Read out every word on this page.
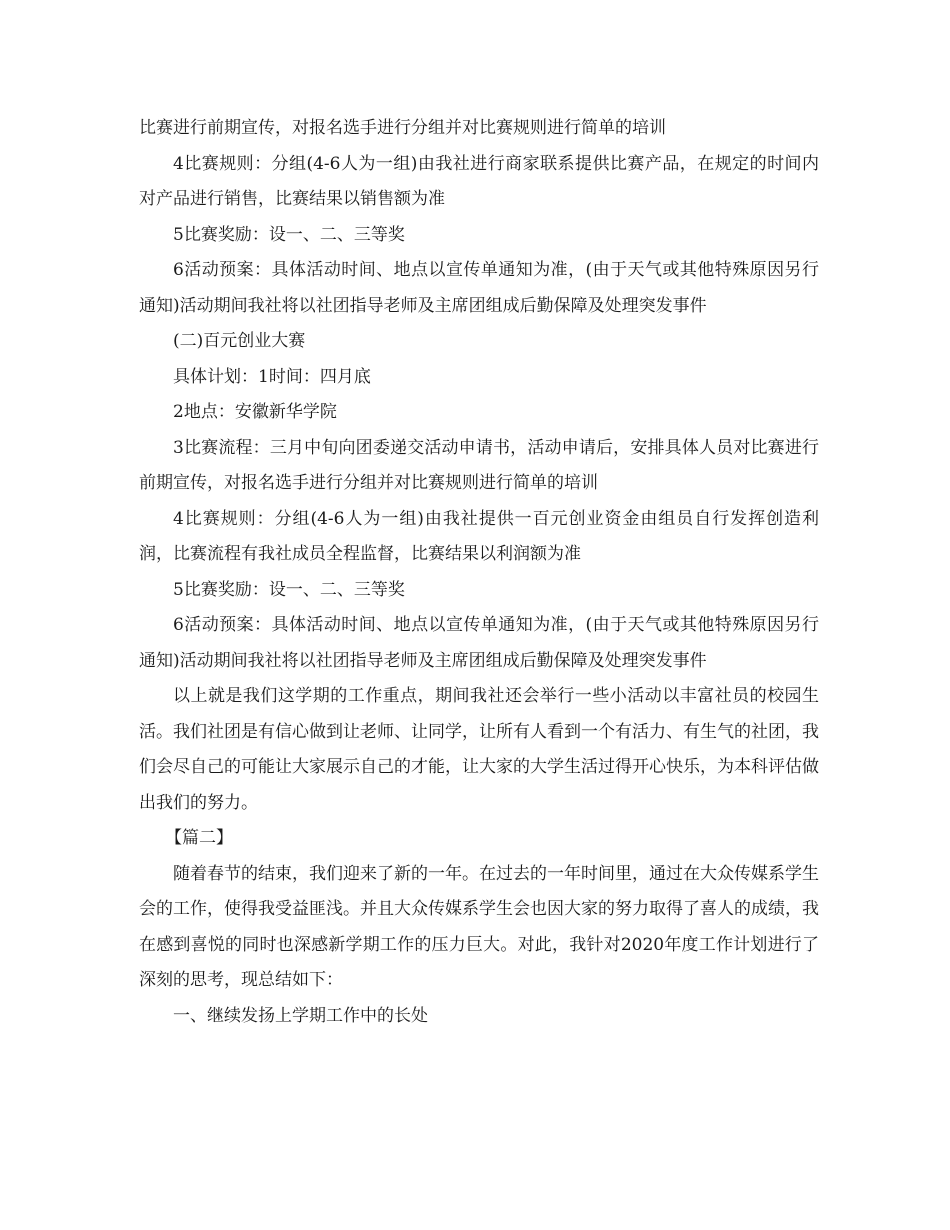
比赛进行前期宣传，对报名选手进行分组并对比赛规则进行简单的培训

4比赛规则：分组(4-6人为一组)由我社进行商家联系提供比赛产品，在规定的时间内对产品进行销售，比赛结果以销售额为准

5比赛奖励：设一、二、三等奖

6活动预案：具体活动时间、地点以宣传单通知为准，(由于天气或其他特殊原因另行通知)活动期间我社将以社团指导老师及主席团组成后勤保障及处理突发事件

(二)百元创业大赛

具体计划：1时间：四月底

2地点：安徽新华学院

3比赛流程：三月中旬向团委递交活动申请书，活动申请后，安排具体人员对比赛进行前期宣传，对报名选手进行分组并对比赛规则进行简单的培训

4比赛规则：分组(4-6人为一组)由我社提供一百元创业资金由组员自行发挥创造利润，比赛流程有我社成员全程监督，比赛结果以利润额为准

5比赛奖励：设一、二、三等奖

6活动预案：具体活动时间、地点以宣传单通知为准，(由于天气或其他特殊原因另行通知)活动期间我社将以社团指导老师及主席团组成后勤保障及处理突发事件

以上就是我们这学期的工作重点，期间我社还会举行一些小活动以丰富社员的校园生活。我们社团是有信心做到让老师、让同学，让所有人看到一个有活力、有生气的社团，我们会尽自己的可能让大家展示自己的才能，让大家的大学生活过得开心快乐，为本科评估做出我们的努力。

【篇二】

随着春节的结束，我们迎来了新的一年。在过去的一年时间里，通过在大众传媒系学生会的工作，使得我受益匪浅。并且大众传媒系学生会也因大家的努力取得了喜人的成绩，我在感到喜悦的同时也深感新学期工作的压力巨大。对此，我针对2020年度工作计划进行了深刻的思考，现总结如下：

一、继续发扬上学期工作中的长处
